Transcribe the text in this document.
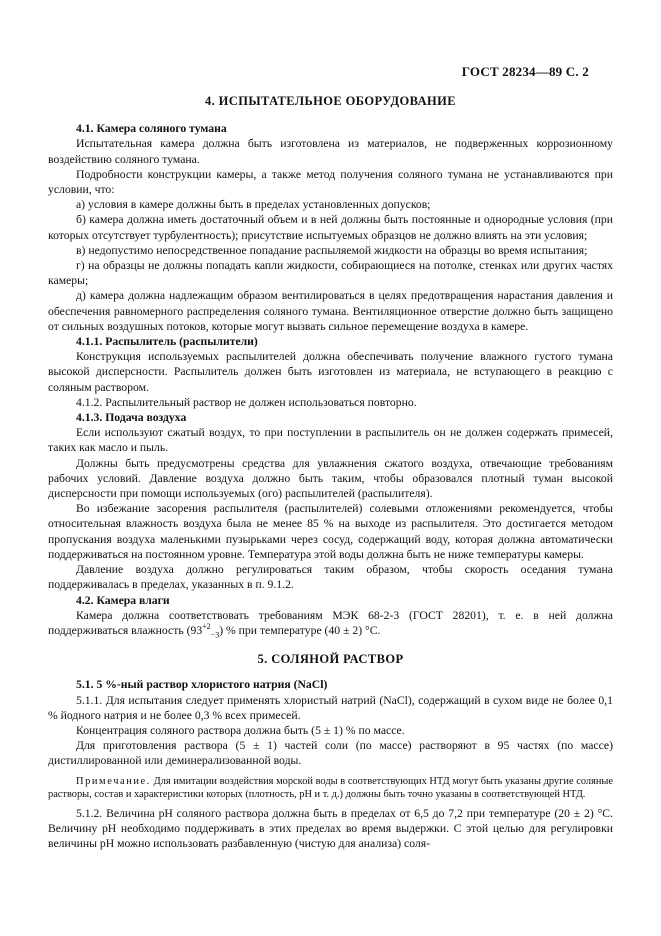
ГОСТ 28234—89 С. 2
4. ИСПЫТАТЕЛЬНОЕ ОБОРУДОВАНИЕ

4.1. Камера соляного тумана

Испытательная камера должна быть изготовлена из материалов, не подверженных коррозионному воздействию соляного тумана.

Подробности конструкции камеры, а также метод получения соляного тумана не устанавливаются при условии, что:

а) условия в камере должны быть в пределах установленных допусков;

б) камера должна иметь достаточный объем и в ней должны быть постоянные и однородные условия (при которых отсутствует турбулентность); присутствие испытуемых образцов не должно влиять на эти условия;

в) недопустимо непосредственное попадание распыляемой жидкости на образцы во время испытания;

г) на образцы не должны попадать капли жидкости, собирающиеся на потолке, стенках или других частях камеры;

д) камера должна надлежащим образом вентилироваться в целях предотвращения нарастания давления и обеспечения равномерного распределения соляного тумана. Вентиляционное отверстие должно быть защищено от сильных воздушных потоков, которые могут вызвать сильное перемещение воздуха в камере.

4.1.1. Распылитель (распылители)

Конструкция используемых распылителей должна обеспечивать получение влажного густого тумана высокой дисперсности. Распылитель должен быть изготовлен из материала, не вступающего в реакцию с соляным раствором.

4.1.2. Распылительный раствор не должен использоваться повторно.

4.1.3. Подача воздуха

Если используют сжатый воздух, то при поступлении в распылитель он не должен содержать примесей, таких как масло и пыль.

Должны быть предусмотрены средства для увлажнения сжатого воздуха, отвечающие требованиям рабочих условий. Давление воздуха должно быть таким, чтобы образовался плотный туман высокой дисперсности при помощи используемых (ого) распылителей (распылителя).

Во избежание засорения распылителя (распылителей) солевыми отложениями рекомендуется, чтобы относительная влажность воздуха была не менее 85 % на выходе из распылителя. Это достигается методом пропускания воздуха маленькими пузырьками через сосуд, содержащий воду, которая должна автоматически поддерживаться на постоянном уровне. Температура этой воды должна быть не ниже температуры камеры.

Давление воздуха должно регулироваться таким образом, чтобы скорость оседания тумана поддерживалась в пределах, указанных в п. 9.1.2.

4.2. Камера влаги

Камера должна соответствовать требованиям МЭК 68-2-3 (ГОСТ 28201), т. е. в ней должна поддерживаться влажность $(93^{+2}_{-3})$ % при температуре (40 ± 2) °С.

5. СОЛЯНОЙ РАСТВОР

5.1. 5 %-ный раствор хлористого натрия (NaCl)

5.1.1. Для испытания следует применять хлористый натрий (NaCl), содержащий в сухом виде не более 0,1 % йодного натрия и не более 0,3 % всех примесей.

Концентрация соляного раствора должна быть (5 ± 1) % по массе.

Для приготовления раствора (5 ± 1) частей соли (по массе) растворяют в 95 частях (по массе) дистиллированной или деминерализованной воды.

Примечание. Для имитации воздействия морской воды в соответствующих НТД могут быть указаны другие соляные растворы, состав и характеристики которых (плотность, рН и т. д.) должны быть точно указаны в соответствующей НТД.

5.1.2. Величина рН соляного раствора должна быть в пределах от 6,5 до 7,2 при температуре (20 ± 2) °С. Величину рН необходимо поддерживать в этих пределах во время выдержки. С этой целью для регулировки величины рН можно использовать разбавленную (чистую для анализа) соля-
